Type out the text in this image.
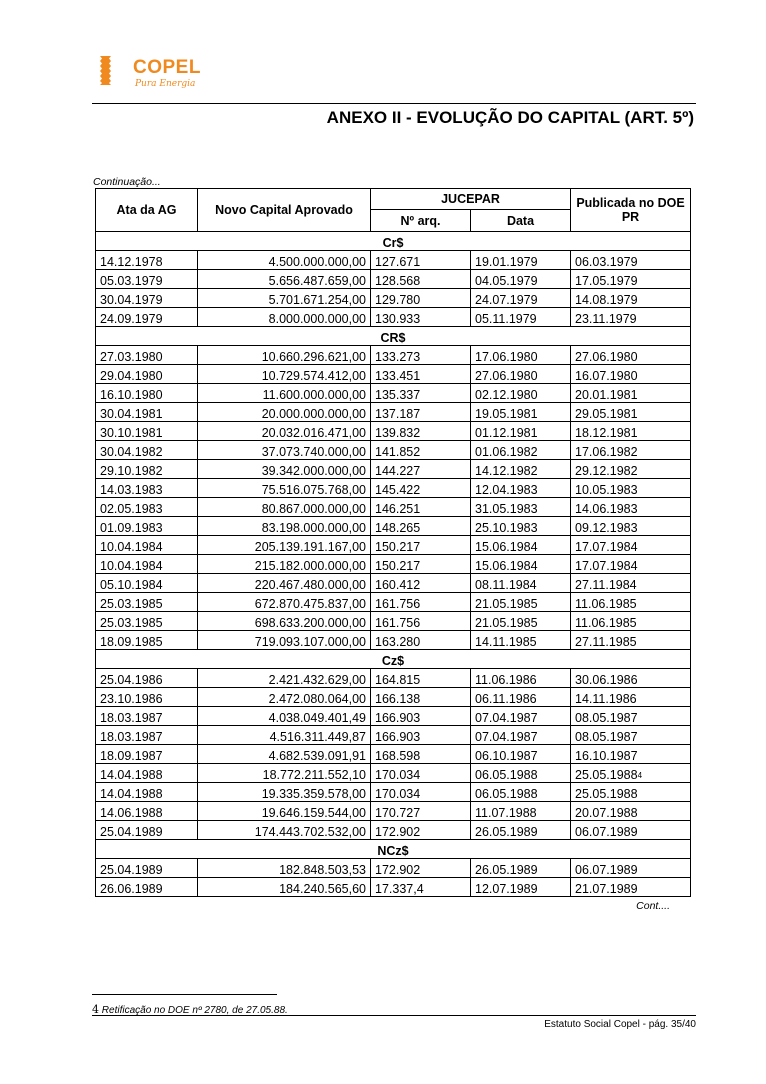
COPEL
Pura Energia
ANEXO II - EVOLUÇÃO DO CAPITAL (ART. 5º)
Continuação...
Ata da AG	Novo Capital Aprovado	JUCEPAR		Publicada no DOE PR
		Nº arq.	Data	
Cr$				
14.12.1978	4.500.000.000,00	127.671	19.01.1979	06.03.1979
05.03.1979	5.656.487.659,00	128.568	04.05.1979	17.05.1979
30.04.1979	5.701.671.254,00	129.780	24.07.1979	14.08.1979
24.09.1979	8.000.000.000,00	130.933	05.11.1979	23.11.1979
CR$				
27.03.1980	10.660.296.621,00	133.273	17.06.1980	27.06.1980
29.04.1980	10.729.574.412,00	133.451	27.06.1980	16.07.1980
16.10.1980	11.600.000.000,00	135.337	02.12.1980	20.01.1981
30.04.1981	20.000.000.000,00	137.187	19.05.1981	29.05.1981
30.10.1981	20.032.016.471,00	139.832	01.12.1981	18.12.1981
30.04.1982	37.073.740.000,00	141.852	01.06.1982	17.06.1982
29.10.1982	39.342.000.000,00	144.227	14.12.1982	29.12.1982
14.03.1983	75.516.075.768,00	145.422	12.04.1983	10.05.1983
02.05.1983	80.867.000.000,00	146.251	31.05.1983	14.06.1983
01.09.1983	83.198.000.000,00	148.265	25.10.1983	09.12.1983
10.04.1984	205.139.191.167,00	150.217	15.06.1984	17.07.1984
10.04.1984	215.182.000.000,00	150.217	15.06.1984	17.07.1984
05.10.1984	220.467.480.000,00	160.412	08.11.1984	27.11.1984
25.03.1985	672.870.475.837,00	161.756	21.05.1985	11.06.1985
25.03.1985	698.633.200.000,00	161.756	21.05.1985	11.06.1985
18.09.1985	719.093.107.000,00	163.280	14.11.1985	27.11.1985
Cz$				
25.04.1986	2.421.432.629,00	164.815	11.06.1986	30.06.1986
23.10.1986	2.472.080.064,00	166.138	06.11.1986	14.11.1986
18.03.1987	4.038.049.401,49	166.903	07.04.1987	08.05.1987
18.03.1987	4.516.311.449,87	166.903	07.04.1987	08.05.1987
18.09.1987	4.682.539.091,91	168.598	06.10.1987	16.10.1987
14.04.1988	18.772.211.552,10	170.034	06.05.1988	25.05.1988$^4$
14.04.1988	19.335.359.578,00	170.034	06.05.1988	25.05.1988
14.06.1988	19.646.159.544,00	170.727	11.07.1988	20.07.1988
25.04.1989	174.443.702.532,00	172.902	26.05.1989	06.07.1989
NCz$				
25.04.1989	182.848.503,53	172.902	26.05.1989	06.07.1989
26.06.1989	184.240.565,60	17.337,4	12.07.1989	21.07.1989
Cont....
4 Retificação no DOE nº 2780, de 27.05.88.
Estatuto Social Copel - pág. 35/40
